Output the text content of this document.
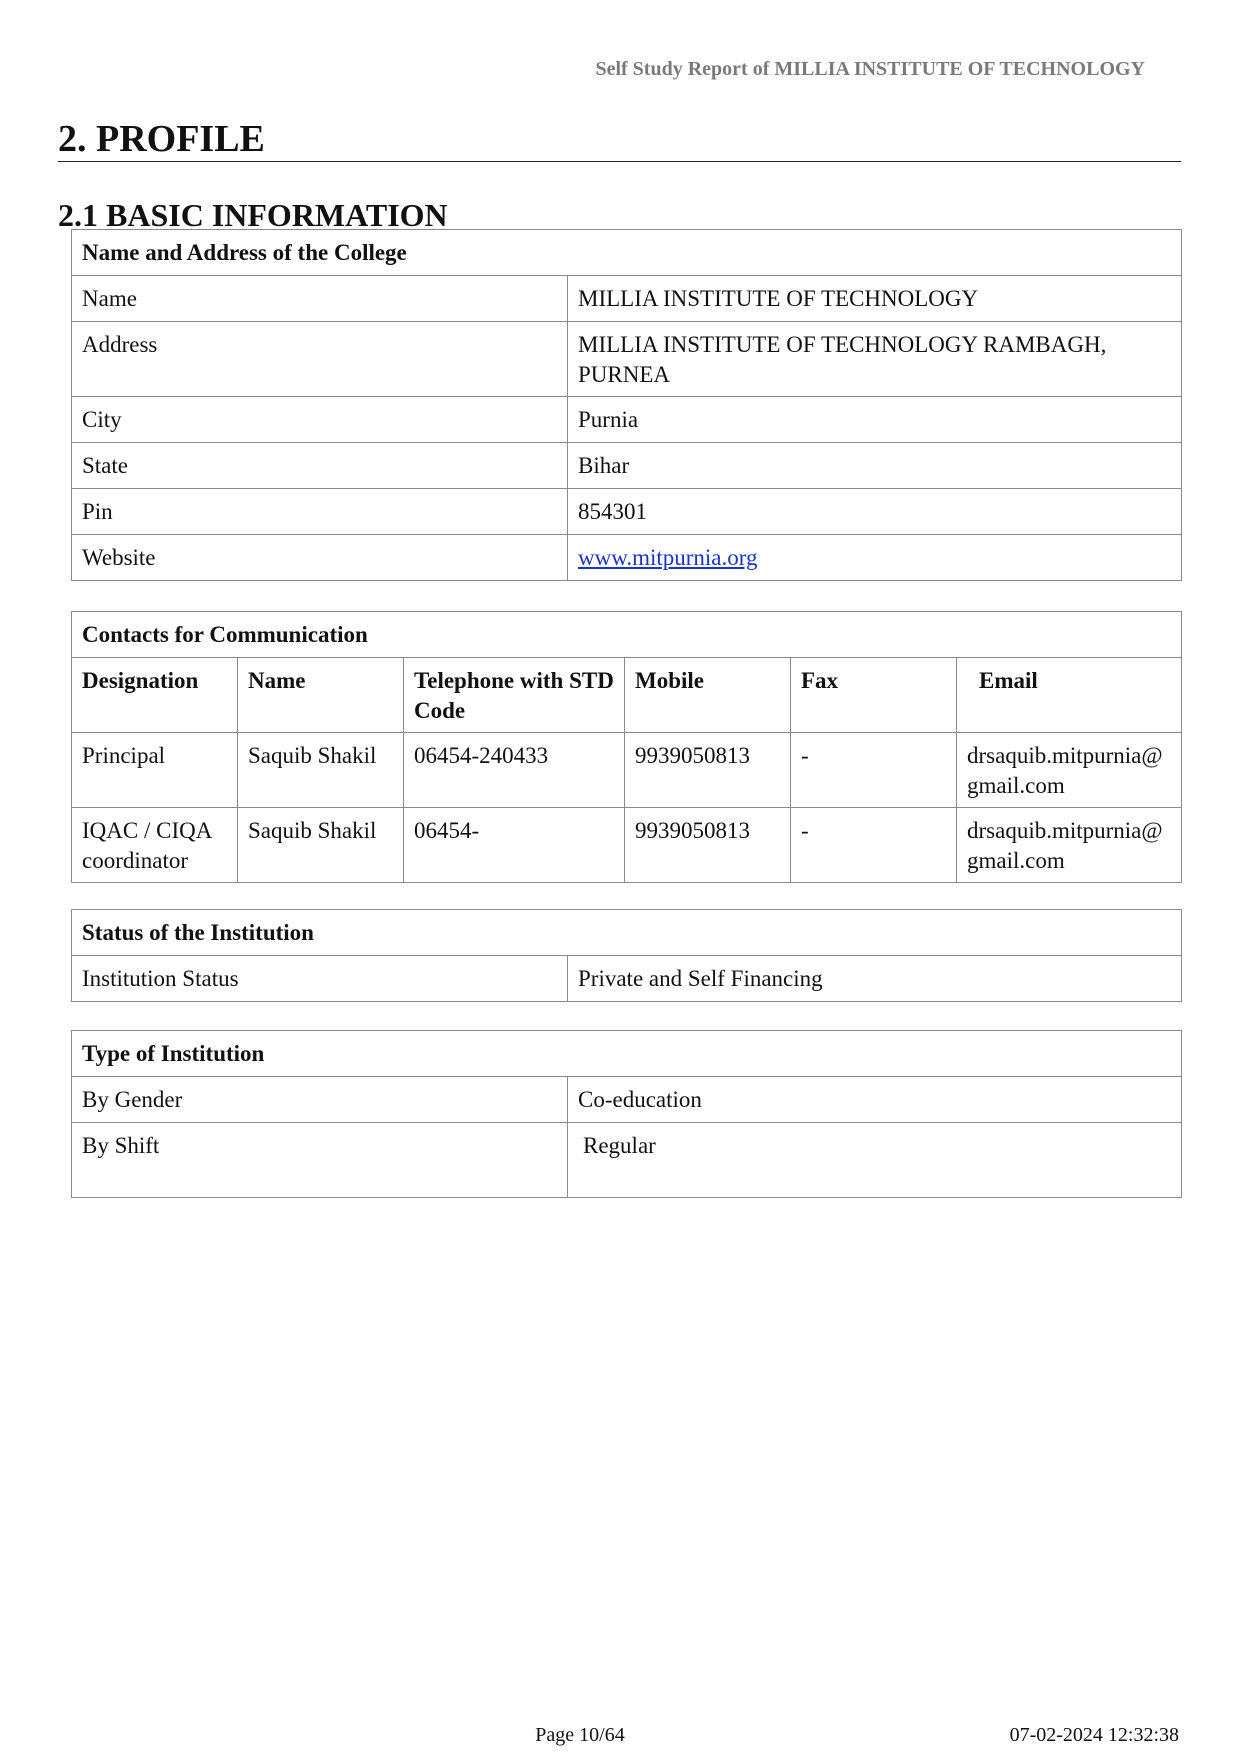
Self Study Report of MILLIA INSTITUTE OF TECHNOLOGY
2. PROFILE
2.1 BASIC INFORMATION
Name and Address of the College	
Name	MILLIA INSTITUTE OF TECHNOLOGY
Address	MILLIA INSTITUTE OF TECHNOLOGY RAMBAGH, PURNEA
City	Purnia
State	Bihar
Pin	854301
Website	www.mitpurnia.org
Contacts for Communication					
Designation	Name	Telephone with STD Code	Mobile	Fax	Email
Principal	Saquib Shakil	06454-240433	9939050813	-	drsaquib.mitpurnia@gmail.com
IQAC / CIQA coordinator	Saquib Shakil	06454-	9939050813	-	drsaquib.mitpurnia@gmail.com
Status of the Institution
Institution Status	Private and Self Financing
Type of Institution	
By Gender	Co-education
By Shift	Regular
Page 10/64	07-02-2024 12:32:38
